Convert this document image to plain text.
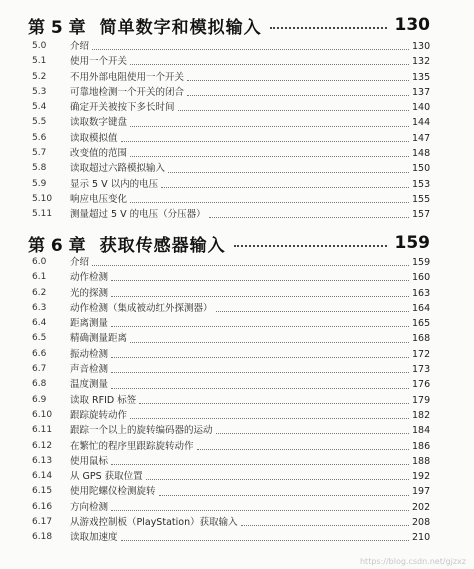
第 5 章 简单数字和模拟输入	130
5.0	介绍	130
5.1	使用一个开关	132
5.2	不用外部电阻使用一个开关	135
5.3	可靠地检测一个开关的闭合	137
5.4	确定开关被按下多长时间	140
5.5	读取数字键盘	144
5.6	读取模拟值	147
5.7	改变值的范围	148
5.8	读取超过六路模拟输入	150
5.9	显示 5 V 以内的电压	153
5.10	响应电压变化	155
5.11	测量超过 5 V 的电压（分压器）	157
第 6 章 获取传感器输入	159
6.0	介绍	159
6.1	动作检测	160
6.2	光的探测	163
6.3	动作检测（集成被动红外探测器）	164
6.4	距离测量	165
6.5	精确测量距离	168
6.6	振动检测	172
6.7	声音检测	173
6.8	温度测量	176
6.9	读取 RFID 标签	179
6.10	跟踪旋转动作	182
6.11	跟踪一个以上的旋转编码器的运动	184
6.12	在繁忙的程序里跟踪旋转动作	186
6.13	使用鼠标	188
6.14	从 GPS 获取位置	192
6.15	使用陀螺仪检测旋转	197
6.16	方向检测	202
6.17	从游戏控制板（PlayStation）获取输入	208
6.18	读取加速度	210
https://blog.csdn.net/gjzxz
